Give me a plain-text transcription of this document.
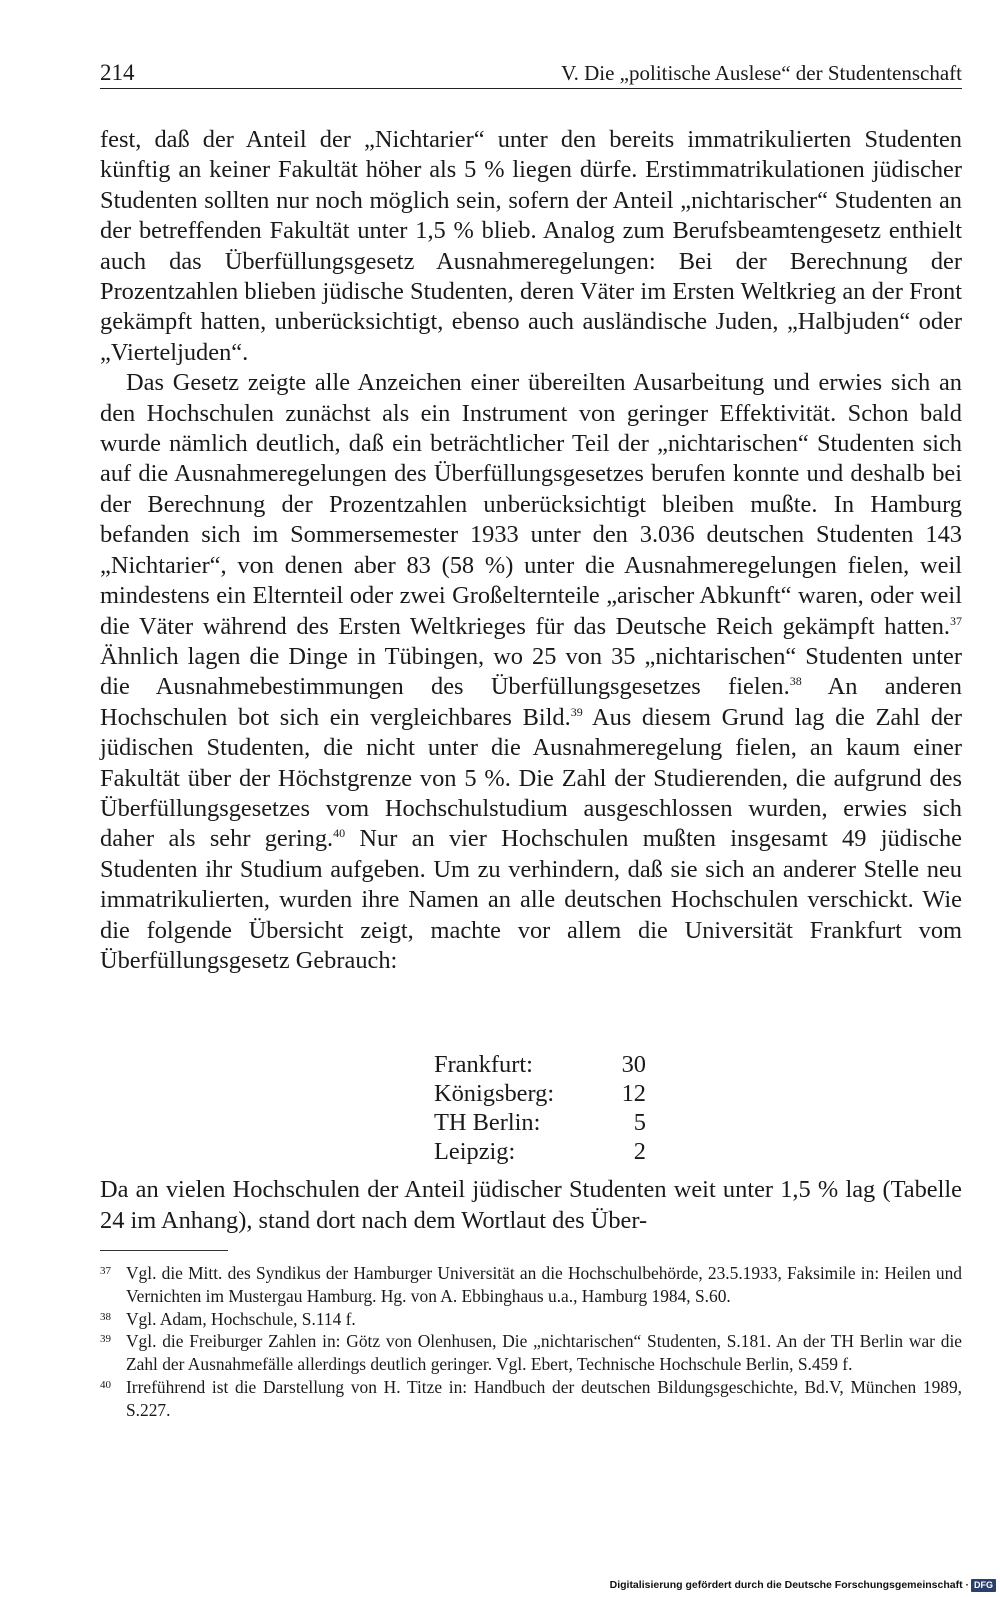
214	V. Die „politische Auslese“ der Studentenschaft

fest, daß der Anteil der „Nichtarier“ unter den bereits immatrikulierten Studenten künftig an keiner Fakultät höher als 5 % liegen dürfe. Erstimmatrikulationen jüdischer Studenten sollten nur noch möglich sein, sofern der Anteil „nichtarischer“ Studenten an der betreffenden Fakultät unter 1,5 % blieb. Analog zum Berufsbeamtengesetz enthielt auch das Überfüllungsgesetz Ausnahmeregelungen: Bei der Berechnung der Prozentzahlen blieben jüdische Studenten, deren Väter im Ersten Weltkrieg an der Front gekämpft hatten, unberücksichtigt, ebenso auch ausländische Juden, „Halbjuden“ oder „Vierteljuden“.

Das Gesetz zeigte alle Anzeichen einer übereilten Ausarbeitung und erwies sich an den Hochschulen zunächst als ein Instrument von geringer Effektivität. Schon bald wurde nämlich deutlich, daß ein beträchtlicher Teil der „nichtarischen“ Studenten sich auf die Ausnahmeregelungen des Überfüllungsgesetzes berufen konnte und deshalb bei der Berechnung der Prozentzahlen unberücksichtigt bleiben mußte. In Hamburg befanden sich im Sommersemester 1933 unter den 3.036 deutschen Studenten 143 „Nichtarier“, von denen aber 83 (58 %) unter die Ausnahmeregelungen fielen, weil mindestens ein Elternteil oder zwei Großelternteile „arischer Abkunft“ waren, oder weil die Väter während des Ersten Weltkrieges für das Deutsche Reich gekämpft hatten.$^{37}$ Ähnlich lagen die Dinge in Tübingen, wo 25 von 35 „nichtarischen“ Studenten unter die Ausnahmebestimmungen des Überfüllungsgesetzes fielen.$^{38}$ An anderen Hochschulen bot sich ein vergleichbares Bild.$^{39}$ Aus diesem Grund lag die Zahl der jüdischen Studenten, die nicht unter die Ausnahmeregelung fielen, an kaum einer Fakultät über der Höchstgrenze von 5 %. Die Zahl der Studierenden, die aufgrund des Überfüllungsgesetzes vom Hochschulstudium ausgeschlossen wurden, erwies sich daher als sehr gering.$^{40}$ Nur an vier Hochschulen mußten insgesamt 49 jüdische Studenten ihr Studium aufgeben. Um zu verhindern, daß sie sich an anderer Stelle neu immatrikulierten, wurden ihre Namen an alle deutschen Hochschulen verschickt. Wie die folgende Übersicht zeigt, machte vor allem die Universität Frankfurt vom Überfüllungsgesetz Gebrauch:

Frankfurt:	30
Königsberg:	12
TH Berlin:	5
Leipzig:	2
Da an vielen Hochschulen der Anteil jüdischer Studenten weit unter 1,5 % lag (Tabelle 24 im Anhang), stand dort nach dem Wortlaut des Über-
37 Vgl. die Mitt. des Syndikus der Hamburger Universität an die Hochschulbehörde, 23.5.1933, Faksimile in: Heilen und Vernichten im Mustergau Hamburg. Hg. von A. Ebbinghaus u.a., Hamburg 1984, S.60.
38 Vgl. Adam, Hochschule, S.114 f.
39 Vgl. die Freiburger Zahlen in: Götz von Olenhusen, Die „nichtarischen“ Studenten, S.181. An der TH Berlin war die Zahl der Ausnahmefälle allerdings deutlich geringer. Vgl. Ebert, Technische Hochschule Berlin, S.459 f.
40 Irreführend ist die Darstellung von H. Titze in: Handbuch der deutschen Bildungsgeschichte, Bd.V, München 1989, S.227.
Digitalisierung gefördert durch die Deutsche Forschungsgemeinschaft · DFG
